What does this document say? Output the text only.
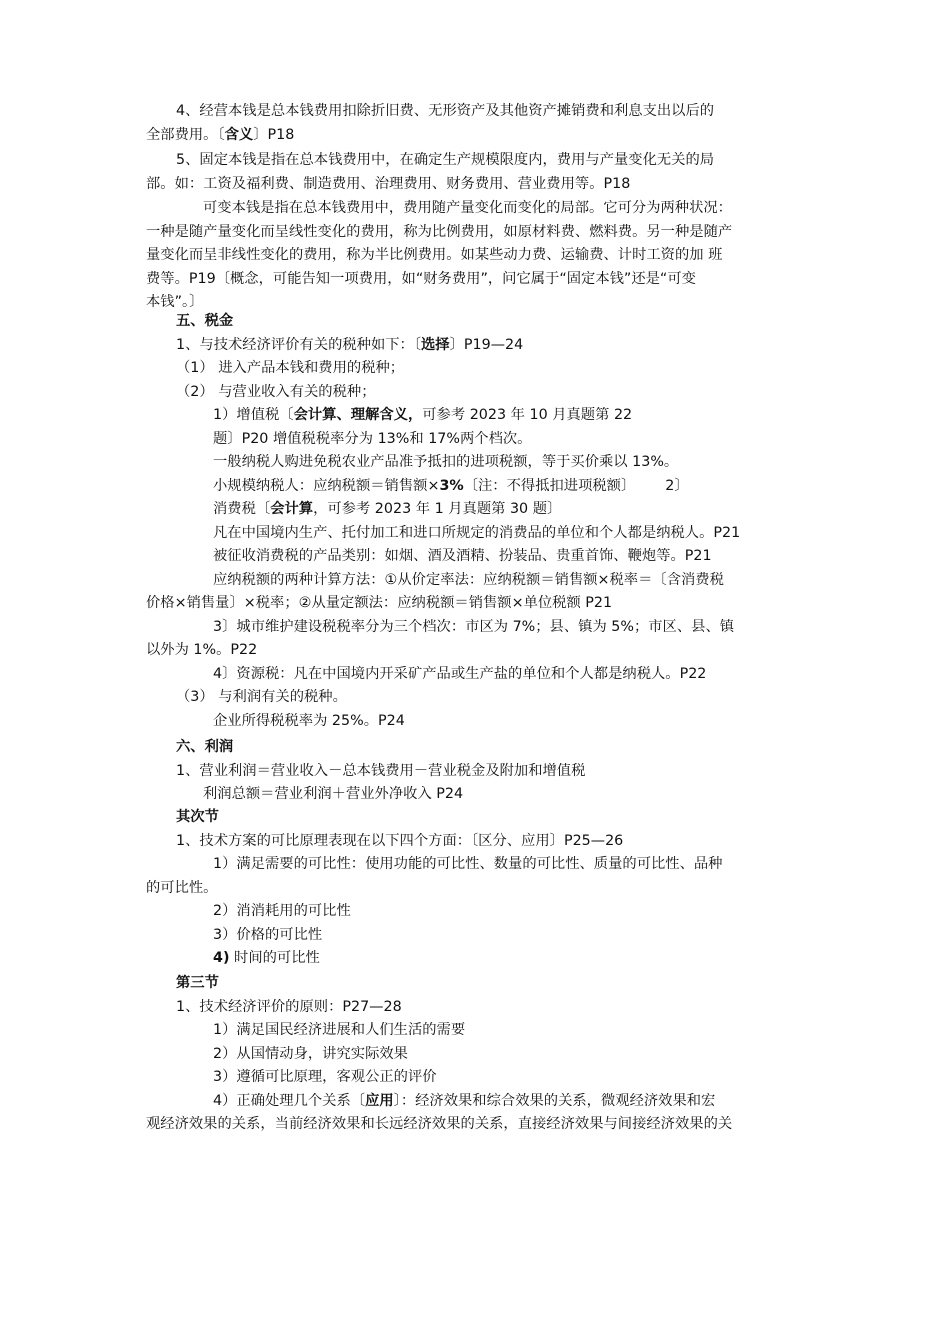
4、经营本钱是总本钱费用扣除折旧费、无形资产及其他资产摊销费和利息支出以后的
全部费用。〔含义〕P18
5、固定本钱是指在总本钱费用中，在确定生产规模限度内，费用与产量变化无关的局
部。如：工资及福利费、制造费用、治理费用、财务费用、营业费用等。P18
可变本钱是指在总本钱费用中，费用随产量变化而变化的局部。它可分为两种状况：
一种是随产量变化而呈线性变化的费用，称为比例费用，如原材料费、燃料费。另一种是随产
量变化而呈非线性变化的费用，称为半比例费用。如某些动力费、运输费、计时工资的加 班
费等。P19〔概念，可能告知一项费用，如“财务费用”，问它属于“固定本钱”还是“可变
本钱”。〕
五、税金
1、与技术经济评价有关的税种如下：〔选择〕P19—24
（1） 进入产品本钱和费用的税种；
（2） 与营业收入有关的税种；
1）增值税〔会计算、理解含义，可参考 2023 年 10 月真题第 22
题〕P20 增值税税率分为 13%和 17%两个档次。
一般纳税人购进免税农业产品准予抵扣的进项税额，等于买价乘以 13%。
小规模纳税人：应纳税额＝销售额×3%〔注：不得抵扣进项税额〕 2〕
消费税〔会计算，可参考 2023 年 1 月真题第 30 题〕
凡在中国境内生产、托付加工和进口所规定的消费品的单位和个人都是纳税人。P21
被征收消费税的产品类别：如烟、酒及酒精、扮装品、贵重首饰、鞭炮等。P21
应纳税额的两种计算方法：①从价定率法：应纳税额＝销售额×税率＝〔含消费税
价格×销售量〕×税率；②从量定额法：应纳税额＝销售额×单位税额 P21
3〕城市维护建设税税率分为三个档次：市区为 7%；县、镇为 5%；市区、县、镇
以外为 1%。P22
4〕资源税：凡在中国境内开采矿产品或生产盐的单位和个人都是纳税人。P22
（3） 与利润有关的税种。
企业所得税税率为 25%。P24
六、利润
1、营业利润＝营业收入－总本钱费用－营业税金及附加和增值税
利润总额＝营业利润＋营业外净收入 P24
其次节
1、技术方案的可比原理表现在以下四个方面：〔区分、应用〕P25—26
1）满足需要的可比性：使用功能的可比性、数量的可比性、质量的可比性、品种
的可比性。
2）消消耗用的可比性
3）价格的可比性
4) 时间的可比性
第三节
1、技术经济评价的原则：P27—28
1）满足国民经济进展和人们生活的需要
2）从国情动身，讲究实际效果
3）遵循可比原理，客观公正的评价
4）正确处理几个关系〔应用〕：经济效果和综合效果的关系，微观经济效果和宏
观经济效果的关系，当前经济效果和长远经济效果的关系，直接经济效果与间接经济效果的关
